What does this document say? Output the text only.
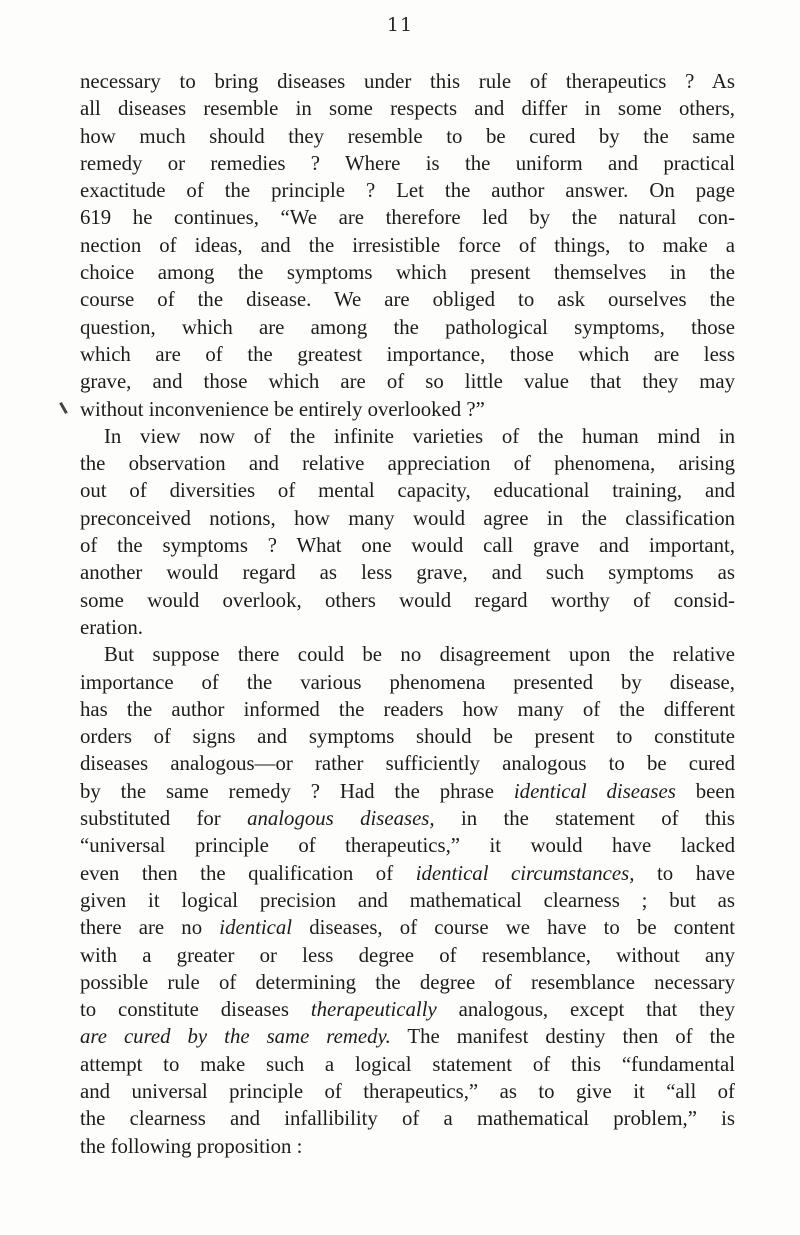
11

necessary to bring diseases under this rule of therapeutics ? As
all diseases resemble in some respects and differ in some others,
how much should they resemble to be cured by the same
remedy or remedies ? Where is the uniform and practical
exactitude of the principle ? Let the author answer. On page
619 he continues, “We are therefore led by the natural con-
nection of ideas, and the irresistible force of things, to make a
choice among the symptoms which present themselves in the
course of the disease. We are obliged to ask ourselves the
question, which are among the pathological symptoms, those
which are of the greatest importance, those which are less
grave, and those which are of so little value that they may
without inconvenience be entirely overlooked ?”

In view now of the infinite varieties of the human mind in

the observation and relative appreciation of phenomena, arising
out of diversities of mental capacity, educational training, and
preconceived notions, how many would agree in the classification
of the symptoms ? What one would call grave and important,
another would regard as less grave, and such symptoms as
some would overlook, others would regard worthy of consid-
eration.

But suppose there could be no disagreement upon the relative

importance of the various phenomena presented by disease,
has the author informed the readers how many of the different
orders of signs and symptoms should be present to constitute
diseases analogous—or rather sufficiently analogous to be cured
by the same remedy ? Had the phrase identical diseases been
substituted for analogous diseases, in the statement of this
“universal principle of therapeutics,” it would have lacked
even then the qualification of identical circumstances, to have
given it logical precision and mathematical clearness ; but as
there are no identical diseases, of course we have to be content
with a greater or less degree of resemblance, without any
possible rule of determining the degree of resemblance necessary
to constitute diseases therapeutically analogous, except that they
are cured by the same remedy. The manifest destiny then of the
attempt to make such a logical statement of this “fundamental
and universal principle of therapeutics,” as to give it “all of
the clearness and infallibility of a mathematical problem,” is
the following proposition :
